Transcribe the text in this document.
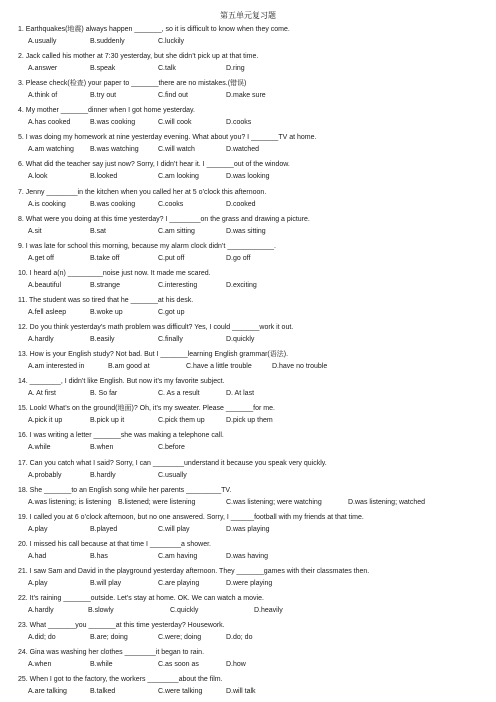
第五单元复习题
1. Earthquakes(地震) always happen _______, so it is difficult to know when they come.
A.usually	B.suddenly	C.luckily
2. Jack called his mother at 7:30 yesterday, but she didn’t pick up at that time.
A.answer	B.speak	C.talk	D.ring
3. Please check(检查) your paper to _______there are no mistakes.(错误)
A.think of	B.try out	C.find out	D.make sure
4. My mother _______dinner when I got home yesterday.
A.has cooked	B.was cooking	C.will cook	D.cooks
5. I was doing my homework at nine yesterday evening. What about you? I _______TV at home.
A.am watching B.was watching	C.will watch	D.watched
6. What did the teacher say just now? Sorry, I didn’t hear it. I _______out of the window.
A.look	B.looked	C.am looking	D.was looking
7. Jenny ________in the kitchen when you called her at 5 o’clock this afternoon.
A.is cooking	B.was cooking	C.cooks	D.cooked
8. What were you doing at this time yesterday? I ________on the grass and drawing a picture.
A.sit	B.sat	C.am sitting	D.was sitting
9. I was late for school this morning, because my alarm clock didn’t ____________.
A.get off	B.take off	C.put off	D.go off
10. I heard a(n) _________noise just now. It made me scared.
A.beautiful	B.strange	C.interesting	D.exciting
11. The student was so tired that he _______at his desk.
A.fell asleep	B.woke up	C.got up
12. Do you think yesterday’s math problem was difficult? Yes, I could _______work it out.
A.hardly	B.easily	C.finally	D.quickly
13. How is your English study? Not bad. But I _______learning English grammar(语法).
A.am interested in	B.am good at	C.have a little trouble	D.have no trouble
14. ________, I didn’t like English. But now it’s my favorite subject.
A. At first	B. So far	C. As a result	D. At last
15. Look! What’s on the ground(地面)? Oh, it’s my sweater. Please _______for me.
A.pick it up	B.pick up it	C.pick them up	D.pick up them
16. I was writing a letter _______she was making a telephone call.
A.while	B.when	C.before
17. Can you catch what I said? Sorry, I can ________understand it because you speak very quickly.
A.probably	B.hardly	C.usually
18. She _______to an English song while her parents _________TV.
A.was listening; is listening B.listened; were listening	C.was listening; were watching	D.was listening; watched
19. I called you at 6 o’clock afternoon, but no one answered. Sorry, I ______football with my friends at that time.
A.play	B.played	C.will play	D.was playing
20. I missed his call because at that time I ________a shower.
A.had	B.has	C.am having	D.was having
21. I saw Sam and David in the playground yesterday afternoon. They _______games with their classmates then.
A.play	B.will play	C.are playing	D.were playing
22. It’s raining _______outside. Let’s stay at home. OK. We can watch a movie.
A.hardly	B.slowly	C.quickly	D.heavily
23. What _______you _______at this time yesterday? Housework.
A.did; do	B.are; doing	C.were; doing	D.do; do
24. Gina was washing her clothes ________it began to rain.
A.when	B.while	C.as soon as	D.how
25. When I got to the factory, the workers ________about the film.
A.are talking	B.talked	C.were talking	D.will talk
